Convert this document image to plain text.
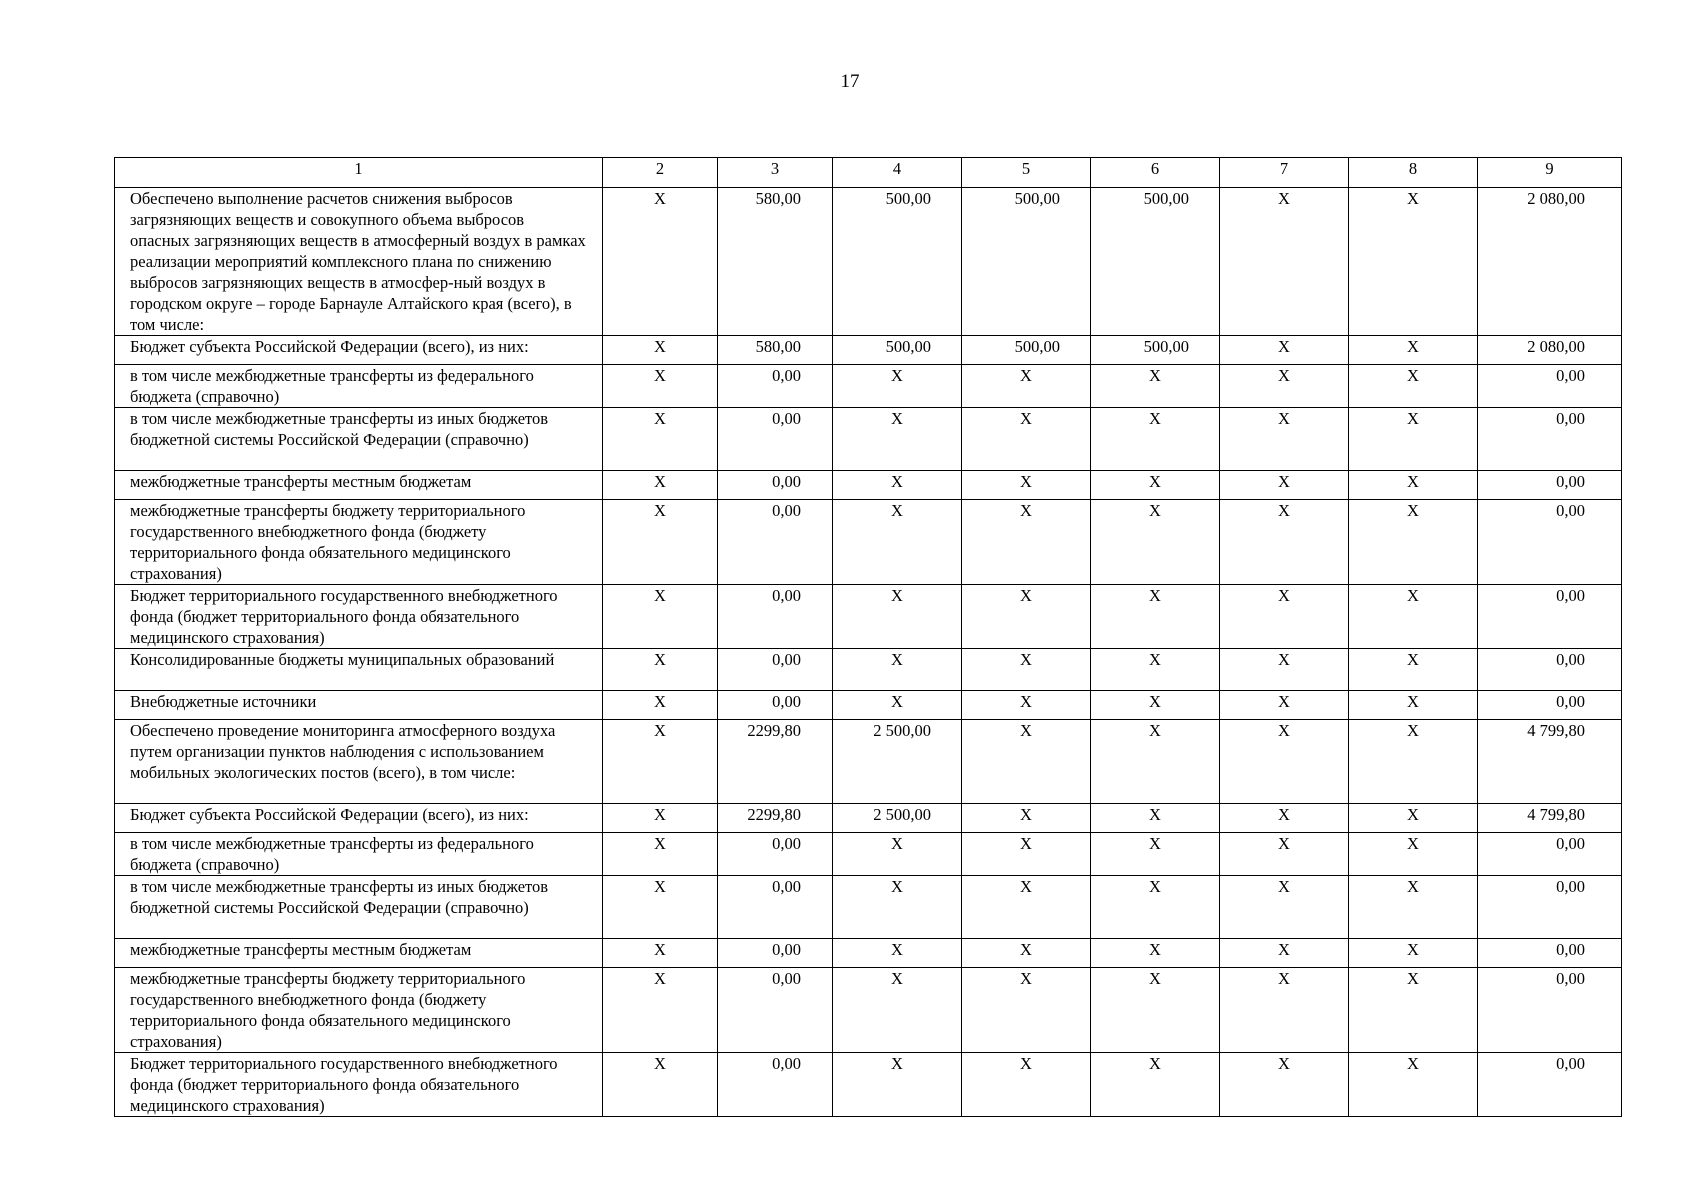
17
1	2	3	4	5	6	7	8	9
Обеспечено выполнение расчетов снижения выбросов загрязняющих веществ и совокупного объема выбросов опасных загрязняющих веществ в атмосферный воздух в рамках реализации мероприятий комплексного плана по снижению выбросов загрязняющих веществ в атмосфер-ный воздух в городском округе – городе Барнауле Алтайского края (всего), в том числе:	X	580,00	500,00	500,00	500,00	X	X	2 080,00
Бюджет субъекта Российской Федерации (всего), из них:	X	580,00	500,00	500,00	500,00	X	X	2 080,00
в том числе межбюджетные трансферты из федерального бюджета (справочно)	X	0,00	X	X	X	X	X	0,00
в том числе межбюджетные трансферты из иных бюджетов бюджетной системы Российской Федерации (справочно)	X	0,00	X	X	X	X	X	0,00
межбюджетные трансферты местным бюджетам	X	0,00	X	X	X	X	X	0,00
межбюджетные трансферты бюджету территориального государственного внебюджетного фонда (бюджету территориального фонда обязательного медицинского страхования)	X	0,00	X	X	X	X	X	0,00
Бюджет территориального государственного внебюджетного фонда (бюджет территориального фонда обязательного медицинского страхования)	X	0,00	X	X	X	X	X	0,00
Консолидированные бюджеты муниципальных образований	X	0,00	X	X	X	X	X	0,00
Внебюджетные источники	X	0,00	X	X	X	X	X	0,00
Обеспечено проведение мониторинга атмосферного воздуха путем организации пунктов наблюдения с использованием мобильных экологических постов (всего), в том числе:	X	2299,80	2 500,00	X	X	X	X	4 799,80
Бюджет субъекта Российской Федерации (всего), из них:	X	2299,80	2 500,00	X	X	X	X	4 799,80
в том числе межбюджетные трансферты из федерального бюджета (справочно)	X	0,00	X	X	X	X	X	0,00
в том числе межбюджетные трансферты из иных бюджетов бюджетной системы Российской Федерации (справочно)	X	0,00	X	X	X	X	X	0,00
межбюджетные трансферты местным бюджетам	X	0,00	X	X	X	X	X	0,00
межбюджетные трансферты бюджету территориального государственного внебюджетного фонда (бюджету территориального фонда обязательного медицинского страхования)	X	0,00	X	X	X	X	X	0,00
Бюджет территориального государственного внебюджетного фонда (бюджет территориального фонда обязательного медицинского страхования)	X	0,00	X	X	X	X	X	0,00
